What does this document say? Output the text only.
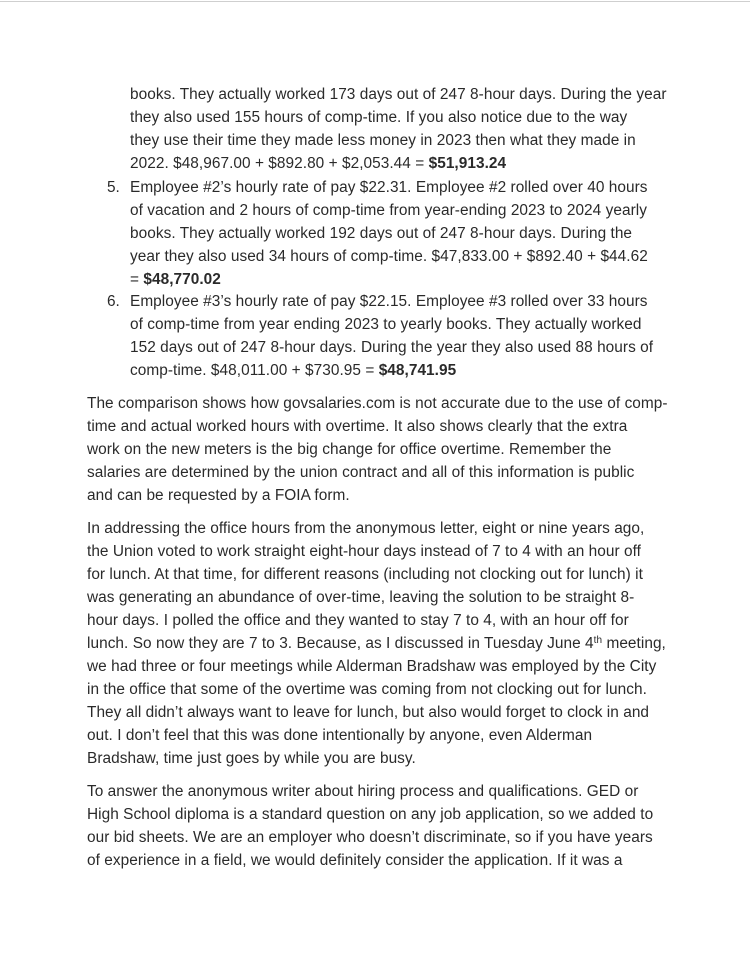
books. They actually worked 173 days out of 247 8-hour days. During the year
they also used 155 hours of comp-time. If you also notice due to the way
they use their time they made less money in 2023 then what they made in
2022. $48,967.00 + $892.80 + $2,053.44 = $51,913.24
5. Employee #2’s hourly rate of pay $22.31. Employee #2 rolled over 40 hours
of vacation and 2 hours of comp-time from year-ending 2023 to 2024 yearly
books. They actually worked 192 days out of 247 8-hour days. During the
year they also used 34 hours of comp-time. $47,833.00 + $892.40 + $44.62
= $48,770.02
6. Employee #3’s hourly rate of pay $22.15. Employee #3 rolled over 33 hours
of comp-time from year ending 2023 to yearly books. They actually worked
152 days out of 247 8-hour days. During the year they also used 88 hours of
comp-time. $48,011.00 + $730.95 = $48,741.95
The comparison shows how govsalaries.com is not accurate due to the use of comp-
time and actual worked hours with overtime. It also shows clearly that the extra
work on the new meters is the big change for office overtime. Remember the
salaries are determined by the union contract and all of this information is public
and can be requested by a FOIA form.
In addressing the office hours from the anonymous letter, eight or nine years ago,
the Union voted to work straight eight-hour days instead of 7 to 4 with an hour off
for lunch. At that time, for different reasons (including not clocking out for lunch) it
was generating an abundance of over-time, leaving the solution to be straight 8-
hour days. I polled the office and they wanted to stay 7 to 4, with an hour off for
lunch. So now they are 7 to 3. Because, as I discussed in Tuesday June 4th meeting,
we had three or four meetings while Alderman Bradshaw was employed by the City
in the office that some of the overtime was coming from not clocking out for lunch.
They all didn’t always want to leave for lunch, but also would forget to clock in and
out. I don’t feel that this was done intentionally by anyone, even Alderman
Bradshaw, time just goes by while you are busy.
To answer the anonymous writer about hiring process and qualifications. GED or
High School diploma is a standard question on any job application, so we added to
our bid sheets. We are an employer who doesn’t discriminate, so if you have years
of experience in a field, we would definitely consider the application. If it was a
